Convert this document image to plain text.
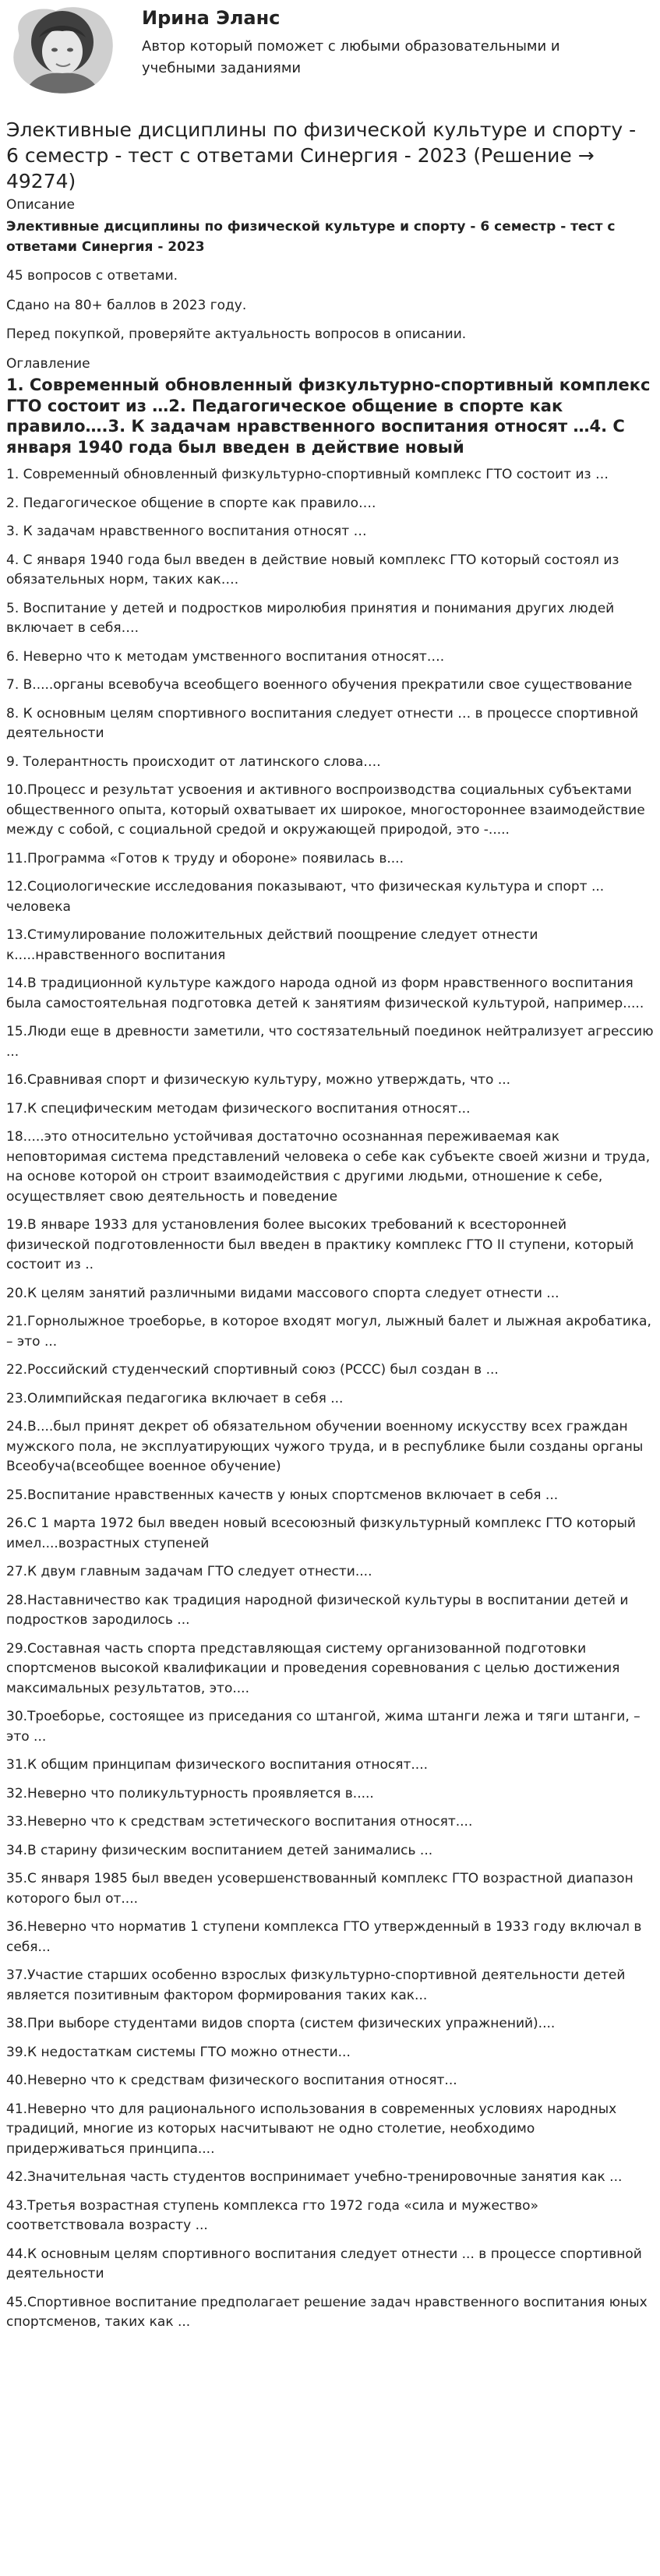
Ирина Эланс
Автор который поможет с любыми образовательными и учебными заданиями
Элективные дисциплины по физической культуре и спорту - 6 семестр - тест с ответами Синергия - 2023 (Решение → 49274)
Описание
Элективные дисциплины по физической культуре и спорту - 6 семестр - тест с ответами Синергия - 2023

45 вопросов с ответами.

Сдано на 80+ баллов в 2023 году.

Перед покупкой, проверяйте актуальность вопросов в описании.

Оглавление
1. Современный обновленный физкультурно-спортивный комплекс ГТО состоит из …2. Педагогическое общение в спорте как правило….3. К задачам нравственного воспитания относят …4. С января 1940 года был введен в действие новый
1. Современный обновленный физкультурно-спортивный комплекс ГТО состоит из …
2. Педагогическое общение в спорте как правило….
3. К задачам нравственного воспитания относят …
4. С января 1940 года был введен в действие новый комплекс ГТО который состоял из обязательных норм, таких как….
5. Воспитание у детей и подростков миролюбия принятия и понимания других людей включает в себя….
6. Неверно что к методам умственного воспитания относят….
7. В.....органы всевобуча всеобщего военного обучения прекратили свое существование
8. К основным целям спортивного воспитания следует отнести … в процессе спортивной деятельности
9. Толерантность происходит от латинского слова….
10.Процесс и результат усвоения и активного воспроизводства социальных субъектами общественного опыта, который охватывает их широкое, многостороннее взаимодействие между с собой, с социальной средой и окружающей природой, это -.....
11.Программа «Готов к труду и обороне» появилась в....
12.Социологические исследования показывают, что физическая культура и спорт ... человека
13.Стимулирование положительных действий поощрение следует отнести к.....нравственного воспитания
14.В традиционной культуре каждого народа одной из форм нравственного воспитания была самостоятельная подготовка детей к занятиям физической культурой, например.....
15.Люди еще в древности заметили, что состязательный поединок нейтрализует агрессию ...
16.Сравнивая спорт и физическую культуру, можно утверждать, что ...
17.К специфическим методам физического воспитания относят...
18.....это относительно устойчивая достаточно осознанная переживаемая как неповторимая система представлений человека о себе как субъекте своей жизни и труда, на основе которой он строит взаимодействия с другими людьми, отношение к себе, осуществляет свою деятельность и поведение
19.В январе 1933 для установления более высоких требований к всесторонней физической подготовленности был введен в практику комплекс ГТО II ступени, который состоит из ..
20.К целям занятий различными видами массового спорта следует отнести ...
21.Горнолыжное троеборье, в которое входят могул, лыжный балет и лыжная акробатика, – это ...
22.Российский студенческий спортивный союз (РССС) был создан в ...
23.Олимпийская педагогика включает в себя ...
24.В....был принят декрет об обязательном обучении военному искусству всех граждан мужского пола, не эксплуатирующих чужого труда, и в республике были созданы органы Всеобуча(всеобщее военное обучение)
25.Воспитание нравственных качеств у юных спортсменов включает в себя ...
26.С 1 марта 1972 был введен новый всесоюзный физкультурный комплекс ГТО который имел....возрастных ступеней
27.К двум главным задачам ГТО следует отнести....
28.Наставничество как традиция народной физической культуры в воспитании детей и подростков зародилось ...
29.Составная часть спорта представляющая систему организованной подготовки спортсменов высокой квалификации и проведения соревнования с целью достижения максимальных результатов, это....
30.Троеборье, состоящее из приседания со штангой, жима штанги лежа и тяги штанги, – это ...
31.К общим принципам физического воспитания относят....
32.Неверно что поликультурность проявляется в.....
33.Неверно что к средствам эстетического воспитания относят....
34.В старину физическим воспитанием детей занимались ...
35.С января 1985 был введен усовершенствованный комплекс ГТО возрастной диапазон которого был от....
36.Неверно что норматив 1 ступени комплекса ГТО утвержденный в 1933 году включал в себя...
37.Участие старших особенно взрослых физкультурно-спортивной деятельности детей является позитивным фактором формирования таких как...
38.При выборе студентами видов спорта (систем физических упражнений)....
39.К недостаткам системы ГТО можно отнести...
40.Неверно что к средствам физического воспитания относят...
41.Неверно что для рационального использования в современных условиях народных традиций, многие из которых насчитывают не одно столетие, необходимо придерживаться принципа....
42.Значительная часть студентов воспринимает учебно-тренировочные занятия как ...
43.Третья возрастная ступень комплекса гто 1972 года «сила и мужество» соответствовала возрасту ...
44.К основным целям спортивного воспитания следует отнести ... в процессе спортивной деятельности
45.Спортивное воспитание предполагает решение задач нравственного воспитания юных спортсменов, таких как ...
